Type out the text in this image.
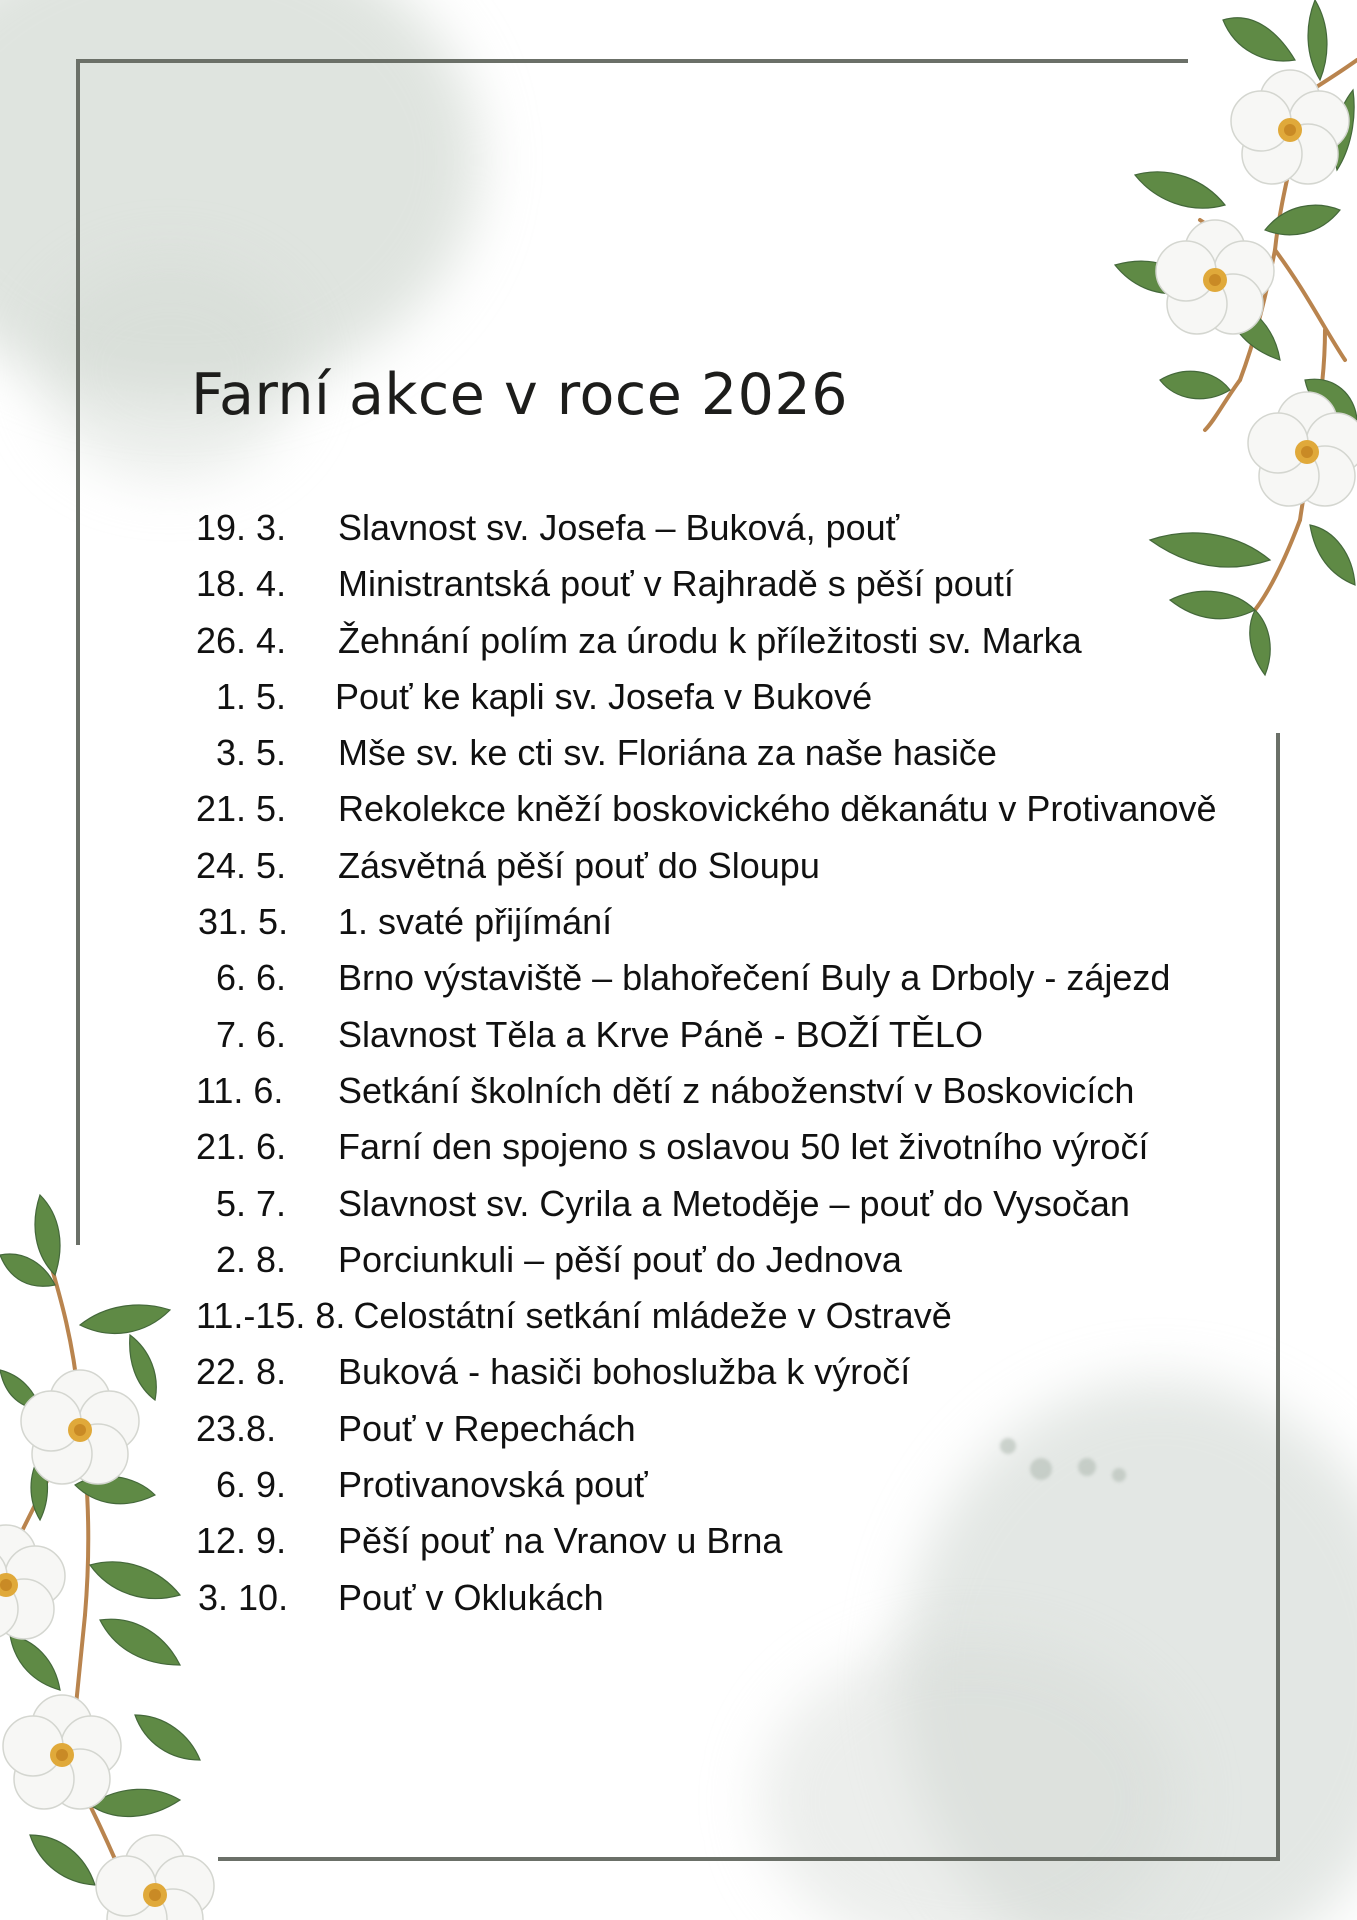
Farní akce v roce 2026
19. 3. Slavnost sv. Josefa – Buková, pouť
18. 4. Ministrantská pouť v Rajhradě s pěší poutí
26. 4. Žehnání polím za úrodu k příležitosti sv. Marka
1. 5. Pouť ke kapli sv. Josefa v Bukové
3. 5. Mše sv. ke cti sv. Floriána za naše hasiče
21. 5. Rekolekce kněží boskovického děkanátu v Protivanově
24. 5. Zásvětná pěší pouť do Sloupu
31. 5. 1. svaté přijímání
6. 6. Brno výstaviště – blahořečení Buly a Drboly - zájezd
7. 6. Slavnost Těla a Krve Páně - BOŽÍ TĚLO
11. 6. Setkání školních dětí z náboženství v Boskovicích
21. 6. Farní den spojeno s oslavou 50 let životního výročí
5. 7. Slavnost sv. Cyrila a Metoděje – pouť do Vysočan
2. 8. Porciunkuli – pěší pouť do Jednova
11.-15. 8. Celostátní setkání mládeže v Ostravě
22. 8. Buková - hasiči bohoslužba k výročí
23.8. Pouť v Repechách
6. 9. Protivanovská pouť
12. 9. Pěší pouť na Vranov u Brna
3. 10. Pouť v Oklukách
